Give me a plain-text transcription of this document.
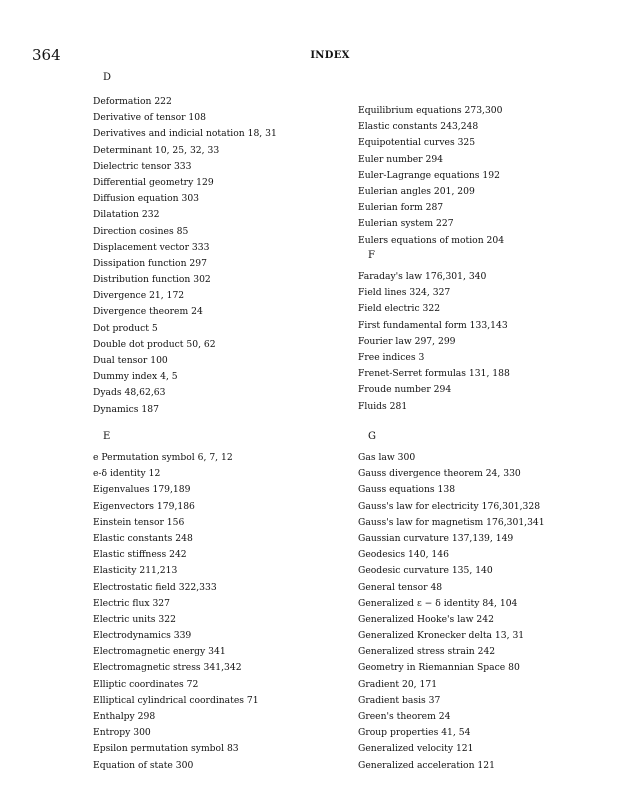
364	INDEX
D
Deformation 222
Derivative of tensor 108
Derivatives and indicial notation 18, 31
Determinant 10, 25, 32, 33
Dielectric tensor 333
Differential geometry 129
Diffusion equation 303
Dilatation 232
Direction cosines 85
Displacement vector 333
Dissipation function 297
Distribution function 302
Divergence 21, 172
Divergence theorem 24
Dot product 5
Double dot product 50, 62
Dual tensor 100
Dummy index 4, 5
Dyads 48,62,63
Dynamics 187
E
e Permutation symbol 6, 7, 12
e-δ identity 12
Eigenvalues 179,189
Eigenvectors 179,186
Einstein tensor 156
Elastic constants 248
Elastic stiffness 242
Elasticity 211,213
Electrostatic field 322,333
Electric flux 327
Electric units 322
Electrodynamics 339
Electromagnetic energy 341
Electromagnetic stress 341,342
Elliptic coordinates 72
Elliptical cylindrical coordinates 71
Enthalpy 298
Entropy 300
Epsilon permutation symbol 83
Equation of state 300
Equilibrium equations 273,300
Elastic constants 243,248
Equipotential curves 325
Euler number 294
Euler-Lagrange equations 192
Eulerian angles 201, 209
Eulerian form 287
Eulerian system 227
Eulers equations of motion 204
F
Faraday's law 176,301, 340
Field lines 324, 327
Field electric 322
First fundamental form 133,143
Fourier law 297, 299
Free indices 3
Frenet-Serret formulas 131, 188
Froude number 294
Fluids 281
G
Gas law 300
Gauss divergence theorem 24, 330
Gauss equations 138
Gauss's law for electricity 176,301,328
Gauss's law for magnetism 176,301,341
Gaussian curvature 137,139, 149
Geodesics 140, 146
Geodesic curvature 135, 140
General tensor 48
Generalized ε − δ identity 84, 104
Generalized Hooke's law 242
Generalized Kronecker delta 13, 31
Generalized stress strain 242
Geometry in Riemannian Space 80
Gradient 20, 171
Gradient basis 37
Green's theorem 24
Group properties 41, 54
Generalized velocity 121
Generalized acceleration 121
